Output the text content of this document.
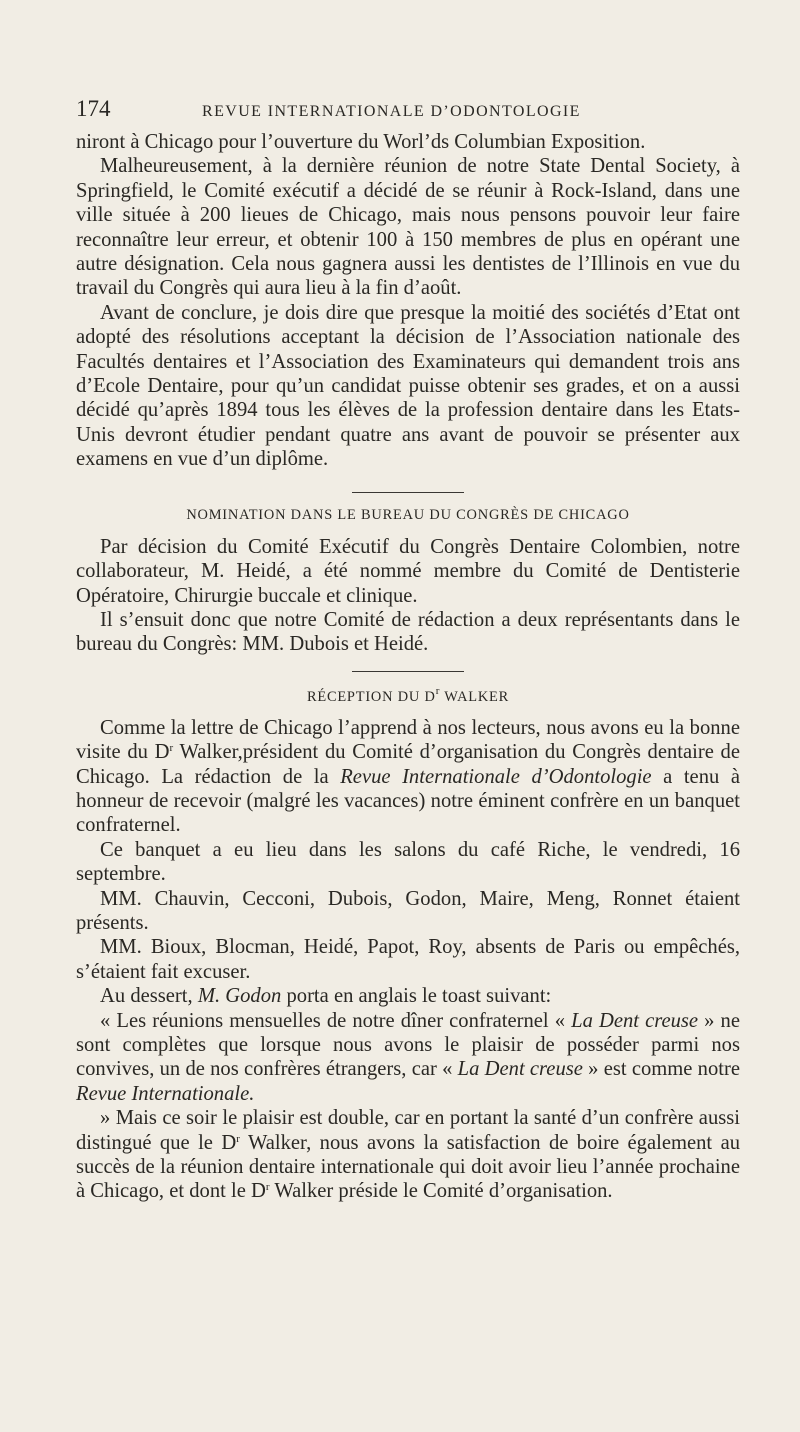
174	REVUE INTERNATIONALE D’ODONTOLOGIE

niront à Chicago pour l’ouverture du Worl’ds Columbian Exposition.

Malheureusement, à la dernière réunion de notre State Dental Society, à Springfield, le Comité exécutif a décidé de se réunir à Rock-Island, dans une ville située à 200 lieues de Chicago, mais nous pensons pouvoir leur faire reconnaître leur erreur, et obtenir 100 à 150 membres de plus en opérant une autre désignation. Cela nous gagnera aussi les dentistes de l’Illinois en vue du travail du Congrès qui aura lieu à la fin d’août.

Avant de conclure, je dois dire que presque la moitié des sociétés d’Etat ont adopté des résolutions acceptant la décision de l’Association nationale des Facultés dentaires et l’Association des Examinateurs qui demandent trois ans d’Ecole Dentaire, pour qu’un candidat puisse obtenir ses grades, et on a aussi décidé qu’après 1894 tous les élèves de la profession dentaire dans les Etats-Unis devront étudier pendant quatre ans avant de pouvoir se présenter aux examens en vue d’un diplôme.

NOMINATION DANS LE BUREAU DU CONGRÈS DE CHICAGO

Par décision du Comité Exécutif du Congrès Dentaire Colombien, notre collaborateur, M. Heidé, a été nommé membre du Comité de Dentisterie Opératoire, Chirurgie buccale et clinique.

Il s’ensuit donc que notre Comité de rédaction a deux représentants dans le bureau du Congrès: MM. Dubois et Heidé.

RÉCEPTION DU $D^r$ WALKER

Comme la lettre de Chicago l’apprend à nos lecteurs, nous avons eu la bonne visite du $D^r$ Walker,président du Comité d’organisation du Congrès dentaire de Chicago. La rédaction de la Revue Internationale d’Odontologie a tenu à honneur de recevoir (malgré les vacances) notre éminent confrère en un banquet confraternel.

Ce banquet a eu lieu dans les salons du café Riche, le vendredi, 16 septembre.

MM. Chauvin, Cecconi, Dubois, Godon, Maire, Meng, Ronnet étaient présents.

MM. Bioux, Blocman, Heidé, Papot, Roy, absents de Paris ou empêchés, s’étaient fait excuser.

Au dessert, M. Godon porta en anglais le toast suivant:

« Les réunions mensuelles de notre dîner confraternel « La Dent creuse » ne sont complètes que lorsque nous avons le plaisir de posséder parmi nos convives, un de nos confrères étrangers, car « La Dent creuse » est comme notre Revue Internationale.

» Mais ce soir le plaisir est double, car en portant la santé d’un confrère aussi distingué que le $D^r$ Walker, nous avons la satisfaction de boire également au succès de la réunion dentaire internationale qui doit avoir lieu l’année prochaine à Chicago, et dont le $D^r$ Walker préside le Comité d’organisation.
